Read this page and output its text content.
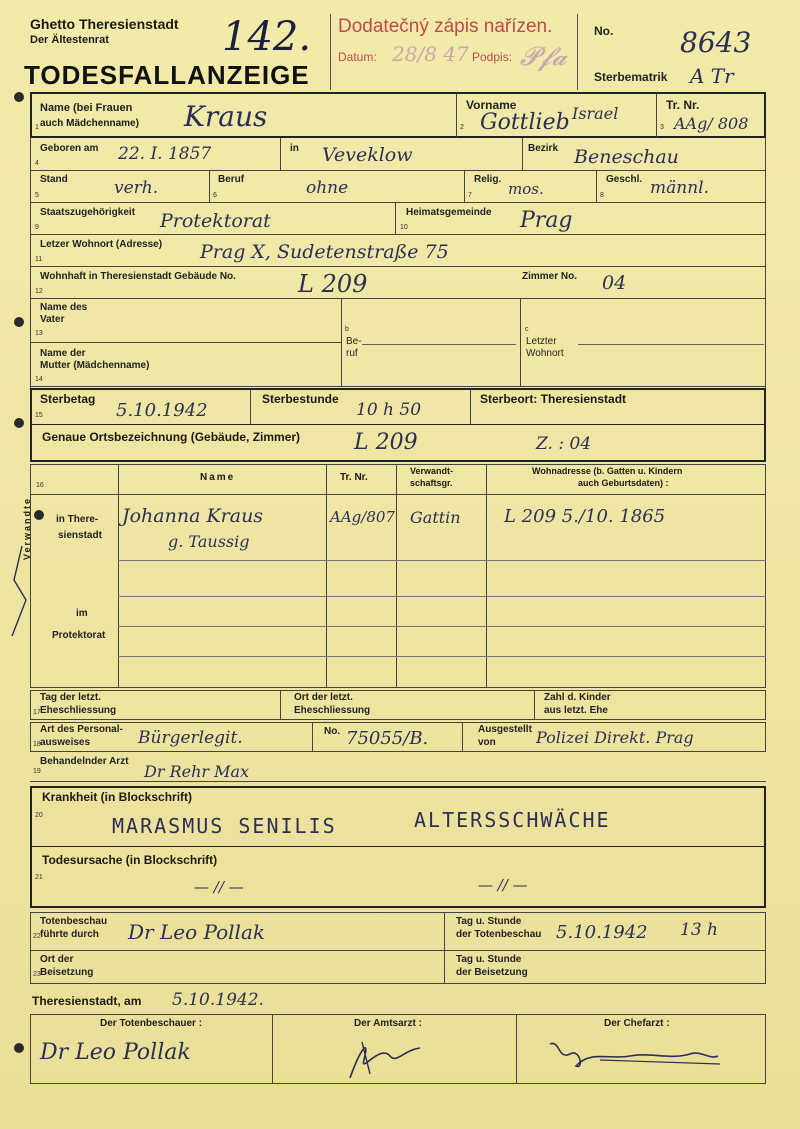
Ghetto Theresienstadt
Der Ältestenrat
TODESFALLANZEIGE
142. Dodatečný zápis nařízen.
Datum: 28/8 47 Podpis: 𝓟𝓯𝓪
No. 8643
Sterbematrik A Tr
Name (bei Frauen
auch Mädchenname)
1	Kraus	Vorname
2 Gottlieb Israel	Tr. Nr.
3 AAg/ 808
Geboren am
4	22. I. 1857	in Veveklow	Bezirk Beneschau
Stand
5	verh.	Beruf
6	ohne	Relig.
7 mos.
Geschl.
8	männl.
Staatszugehörigkeit
9	Protektorat	Heimatsgemeinde
10	Prag
Letzer Wohnort (Adresse)
11	Prag X, Sudetenstraße 75
Wohnhaft in Theresienstadt Gebäude No.
12	L 209	Zimmer No. 04
Name des
Vater
13
Name der
Mutter (Mädchenname)
14
b
Be-
ruf
c
Letzter
Wohnort
Sterbetag
15	5.10.1942
Sterbestunde
10 h 50
Sterbeort: Theresienstadt
Genaue Ortsbezeichnung (Gebäude, Zimmer) L 209	Z. : 04
16
Name	Tr. Nr.
Verwandt-
schaftsgr.
Wohnadresse (b. Gatten u. Kindern
auch Geburtsdaten) :
Verwandte in There-
sienstadt
im
Protektorat
Johanna Kraus
g. Taussig
AAg/807 Gattin L 209 5./10. 1865
Tag der letzt.
Eheschliessung
17
Ort der letzt.
Eheschliessung
Zahl d. Kinder
aus letzt. Ehe
Art des Personal-
ausweises
18	Bürgerlegit.	No. 75055/B.	Ausgestellt
von	Polizei Direkt. Prag
Behandelnder Arzt
19	Dr Rehr Max
Krankheit (in Blockschrift)
20	MARASMUS SENILIS	ALTERSSCHWÄCHE
Todesursache (in Blockschrift)
21
— // —	— // —
Totenbeschau
führte durch
22	Dr Leo Pollak	Tag u. Stunde
der Totenbeschau 5.10.1942 13 h
Ort der
Beisetzung
23
Tag u. Stunde
der Beisetzung
Theresienstadt, am 5.10.1942.
Der Totenbeschauer :
Dr Leo Pollak
Der Amtsarzt :	Der Chefarzt :
